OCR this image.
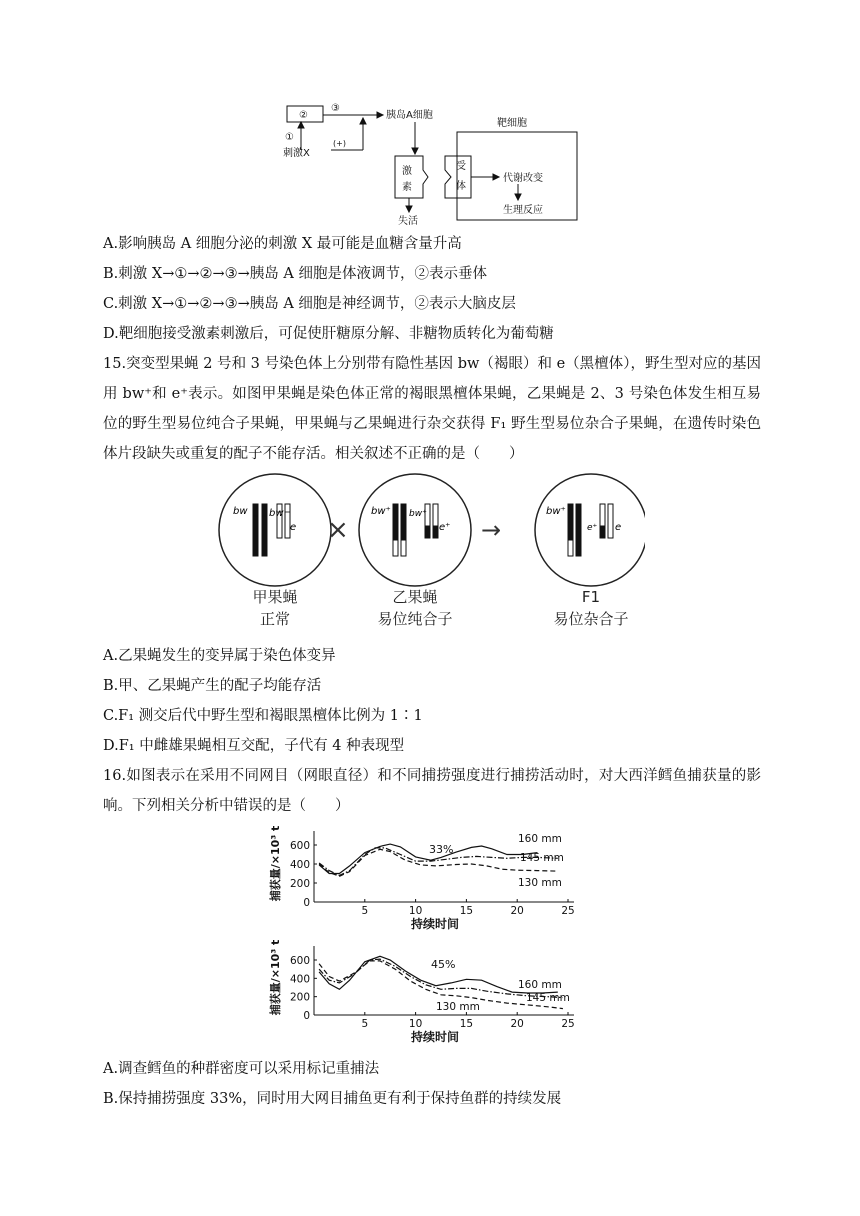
②
③
胰岛A细胞
①
刺激X
(+)
靶细胞
激
素
受
体
代谢改变
生理反应
失活
A.影响胰岛 A 细胞分泌的刺激 X 最可能是血糖含量升高
B.刺激 X→①→②→③→胰岛 A 细胞是体液调节，②表示垂体
C.刺激 X→①→②→③→胰岛 A 细胞是神经调节，②表示大脑皮层
D.靶细胞接受激素刺激后，可促使肝糖原分解、非糖物质转化为葡萄糖
15.突变型果蝇 2 号和 3 号染色体上分别带有隐性基因 bw（褐眼）和 e（黑檀体），野生型对应的基因用 bw⁺和 e⁺表示。如图甲果蝇是染色体正常的褐眼黑檀体果蝇，乙果蝇是 2、3 号染色体发生相互易位的野生型易位纯合子果蝇，甲果蝇与乙果蝇进行杂交获得 F₁ 野生型易位杂合子果蝇，在遗传时染色体片段缺失或重复的配子不能存活。相关叙述不正确的是（　　）
×	→
bw bw
e
bw⁺ bw⁺
e⁺
bw⁺
e⁺ e
甲果蝇
正常
乙果蝇
易位纯合子
F1
易位杂合子
A.乙果蝇发生的变异属于染色体变异
B.甲、乙果蝇产生的配子均能存活
C.F₁ 测交后代中野生型和褐眼黑檀体比例为 1∶1
D.F₁ 中雌雄果蝇相互交配，子代有 4 种表现型
16.如图表示在采用不同网目（网眼直径）和不同捕捞强度进行捕捞活动时，对大西洋鳕鱼捕获量的影响。下列相关分析中错误的是（　　）
5	10	15	20	25
0
200
400
600
持续时间
捕获量/×10³ t	33%
160 mm
145 mm
130 mm
5	10	15	20	25
0
200
400
600
持续时间
捕获量/×10³ t	45%
160 mm
145 mm
130 mm
A.调查鳕鱼的种群密度可以采用标记重捕法
B.保持捕捞强度 33%，同时用大网目捕鱼更有利于保持鱼群的持续发展
